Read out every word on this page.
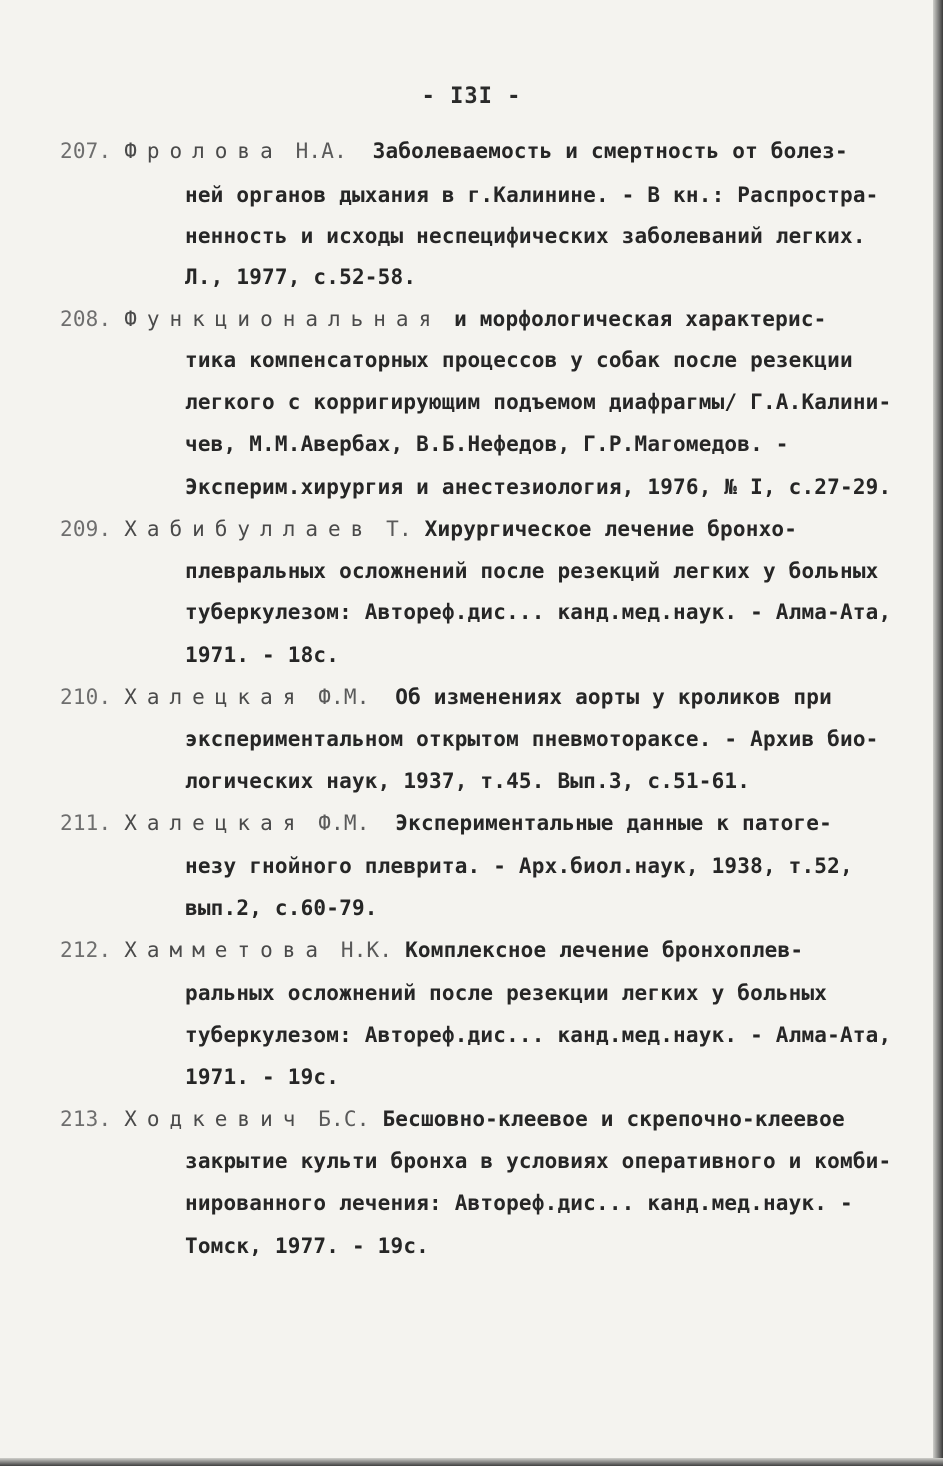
- I3I -
207. Фролова Н.А. Заболеваемость и смертность от болез-
ней органов дыхания в г.Калинине. - В кн.: Распростра-
ненность и исходы неспецифических заболеваний легких.
Л., 1977, с.52-58.
208. Функциональная и морфологическая характерис-
тика компенсаторных процессов у собак после резекции
легкого с корригирующим подъемом диафрагмы/ Г.А.Калини-
чев, М.М.Авербах, В.Б.Нефедов, Г.Р.Магомедов. -
Эксперим.хирургия и анестезиология, 1976, № I, с.27-29.
209. Хабибуллаев Т. Хирургическое лечение бронхо-
плевральных осложнений после резекций легких у больных
туберкулезом: Автореф.дис... канд.мед.наук. - Алма-Ата,
1971. - 18с.
210. Халецкая Ф.М. Об изменениях аорты у кроликов при
экспериментальном открытом пневмотораксе. - Архив био-
логических наук, 1937, т.45. Вып.3, с.51-61.
211. Халецкая Ф.М. Экспериментальные данные к патоге-
незу гнойного плеврита. - Арх.биол.наук, 1938, т.52,
вып.2, с.60-79.
212. Хамметова Н.К. Комплексное лечение бронхоплев-
ральных осложнений после резекции легких у больных
туберкулезом: Автореф.дис... канд.мед.наук. - Алма-Ата,
1971. - 19с.
213. Ходкевич Б.С. Бесшовно-клеевое и скрепочно-клеевое
закрытие культи бронха в условиях оперативного и комби-
нированного лечения: Автореф.дис... канд.мед.наук. -
Томск, 1977. - 19с.
